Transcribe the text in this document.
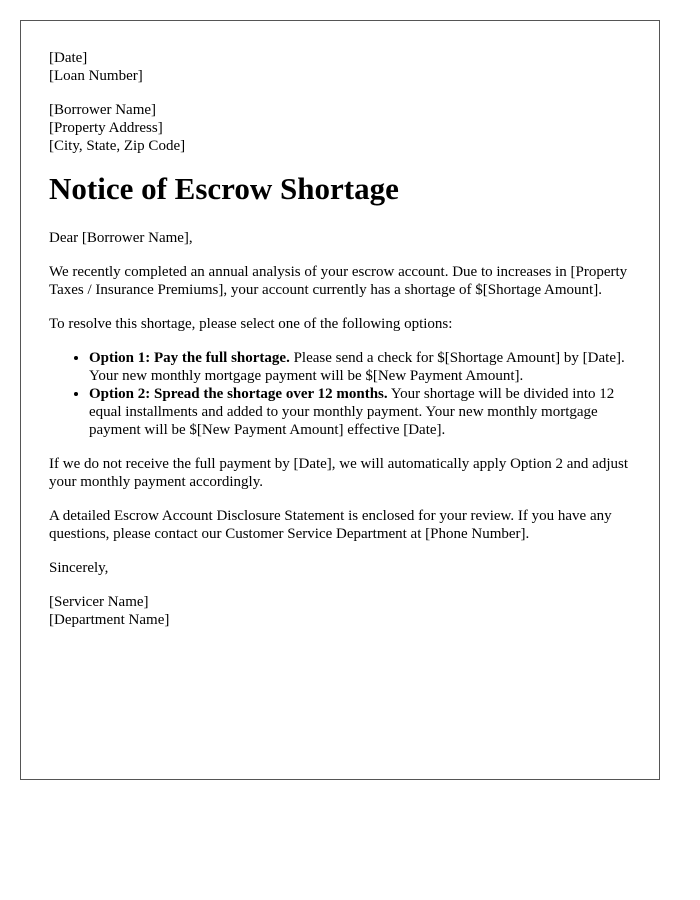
[Date]
[Loan Number]
[Borrower Name]
[Property Address]
[City, State, Zip Code]
Notice of Escrow Shortage

Dear [Borrower Name],

We recently completed an annual analysis of your escrow account. Due to increases in [Property Taxes / Insurance Premiums], your account currently has a shortage of $[Shortage Amount].

To resolve this shortage, please select one of the following options:

• Option 1: Pay the full shortage. Please send a check for $[Shortage Amount] by [Date]. Your new monthly mortgage payment will be $[New Payment Amount].
• Option 2: Spread the shortage over 12 months. Your shortage will be divided into 12 equal installments and added to your monthly payment. Your new monthly mortgage payment will be $[New Payment Amount] effective [Date].

If we do not receive the full payment by [Date], we will automatically apply Option 2 and adjust your monthly payment accordingly.

A detailed Escrow Account Disclosure Statement is enclosed for your review. If you have any questions, please contact our Customer Service Department at [Phone Number].

Sincerely,

[Servicer Name]
[Department Name]
